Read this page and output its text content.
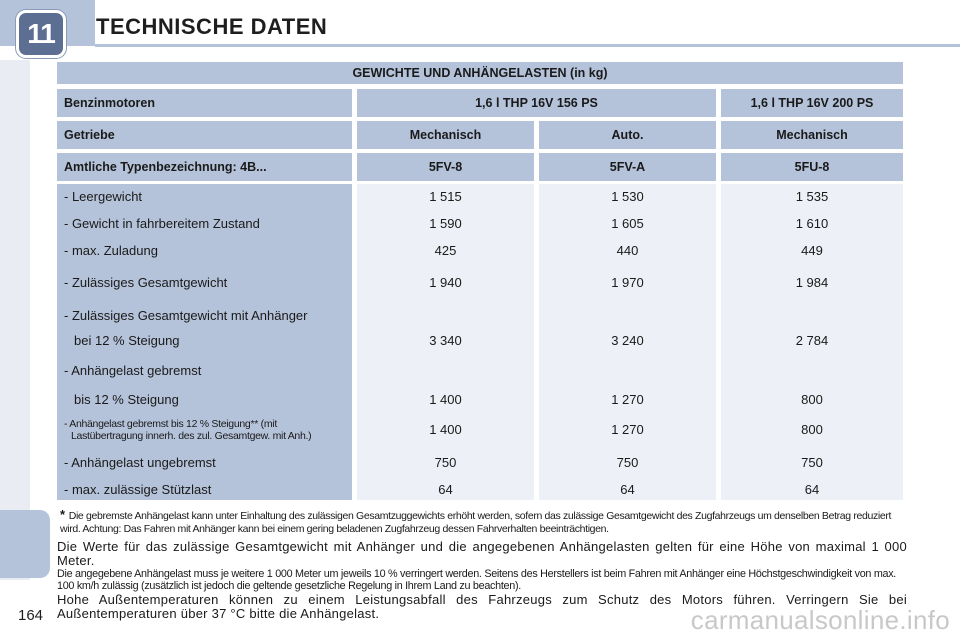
11	TECHNISCHE DATEN
164
GEWICHTE UND ANHÄNGELASTEN (in kg)
Benzinmotoren	1,6 l THP 16V 156 PS	1,6 l THP 16V 200 PS
Getriebe	Mechanisch	Auto.	Mechanisch
Amtliche Typenbezeichnung: 4B...	5FV-8	5FV-A	5FU-8
- Leergewicht	1 515	1 530	1 535
- Gewicht in fahrbereitem Zustand	1 590	1 605	1 610
- max. Zuladung	425	440	449
- Zulässiges Gesamtgewicht	1 940	1 970	1 984
- Zulässiges Gesamtgewicht mit Anhänger
bei 12 % Steigung	3 340	3 240	2 784
- Anhängelast gebremst
bis 12 % Steigung	1 400	1 270	800
- Anhängelast gebremst bis 12 % Steigung** (mit
Lastübertragung innerh. des zul. Gesamtgew. mit Anh.)	1 400	1 270	800
- Anhängelast ungebremst	750	750	750
- max. zulässige Stützlast	64	64	64
* Die gebremste Anhängelast kann unter Einhaltung des zulässigen Gesamtzuggewichts erhöht werden, sofern das zulässige Gesamtgewicht des Zugfahrzeugs um denselben Betrag reduziert wird. Achtung: Das Fahren mit Anhänger kann bei einem gering beladenen Zugfahrzeug dessen Fahrverhalten beeinträchtigen.
Die Werte für das zulässige Gesamtgewicht mit Anhänger und die angegebenen Anhängelasten gelten für eine Höhe von maximal 1 000 Meter.
Die angegebene Anhängelast muss je weitere 1 000 Meter um jeweils 10 % verringert werden. Seitens des Herstellers ist beim Fahren mit Anhänger eine Höchstgeschwindigkeit von max. 100 km/h zulässig (zusätzlich ist jedoch die geltende gesetzliche Regelung in Ihrem Land zu beachten).
Hohe Außentemperaturen können zu einem Leistungsabfall des Fahrzeugs zum Schutz des Motors führen. Verringern Sie bei Außentemperaturen über 37 °C bitte die Anhängelast.	carmanualsonline.info
